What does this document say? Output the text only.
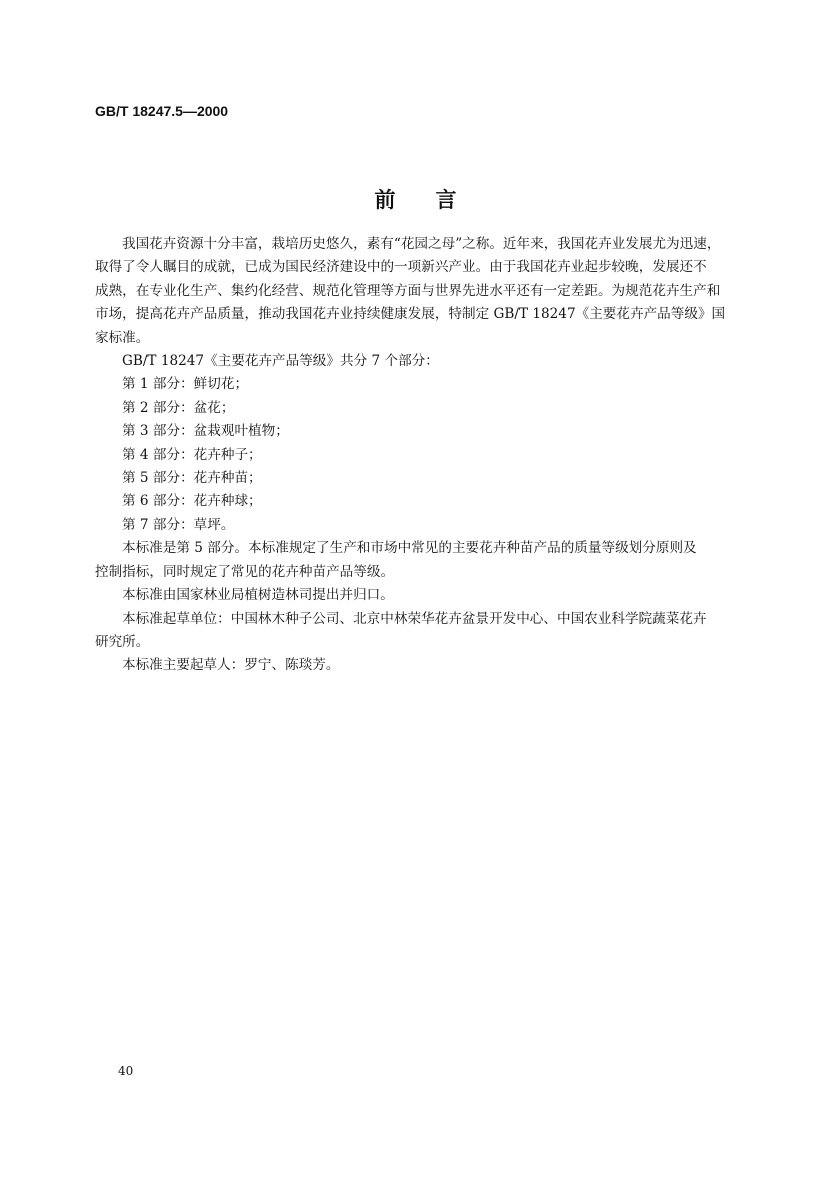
GB/T 18247.5—2000
前言
我国花卉资源十分丰富，栽培历史悠久，素有“花园之母”之称。近年来，我国花卉业发展尤为迅速，
取得了令人瞩目的成就，已成为国民经济建设中的一项新兴产业。由于我国花卉业起步较晚，发展还不
成熟，在专业化生产、集约化经营、规范化管理等方面与世界先进水平还有一定差距。为规范花卉生产和
市场，提高花卉产品质量，推动我国花卉业持续健康发展，特制定 GB/T 18247《主要花卉产品等级》国
家标准。
GB/T 18247《主要花卉产品等级》共分 7 个部分：
第 1 部分：鲜切花；
第 2 部分：盆花；
第 3 部分：盆栽观叶植物；
第 4 部分：花卉种子；
第 5 部分：花卉种苗；
第 6 部分：花卉种球；
第 7 部分：草坪。
本标准是第 5 部分。本标准规定了生产和市场中常见的主要花卉种苗产品的质量等级划分原则及
控制指标，同时规定了常见的花卉种苗产品等级。
本标准由国家林业局植树造林司提出并归口。
本标准起草单位：中国林木种子公司、北京中林荣华花卉盆景开发中心、中国农业科学院蔬菜花卉
研究所。
本标准主要起草人：罗宁、陈琰芳。
40
